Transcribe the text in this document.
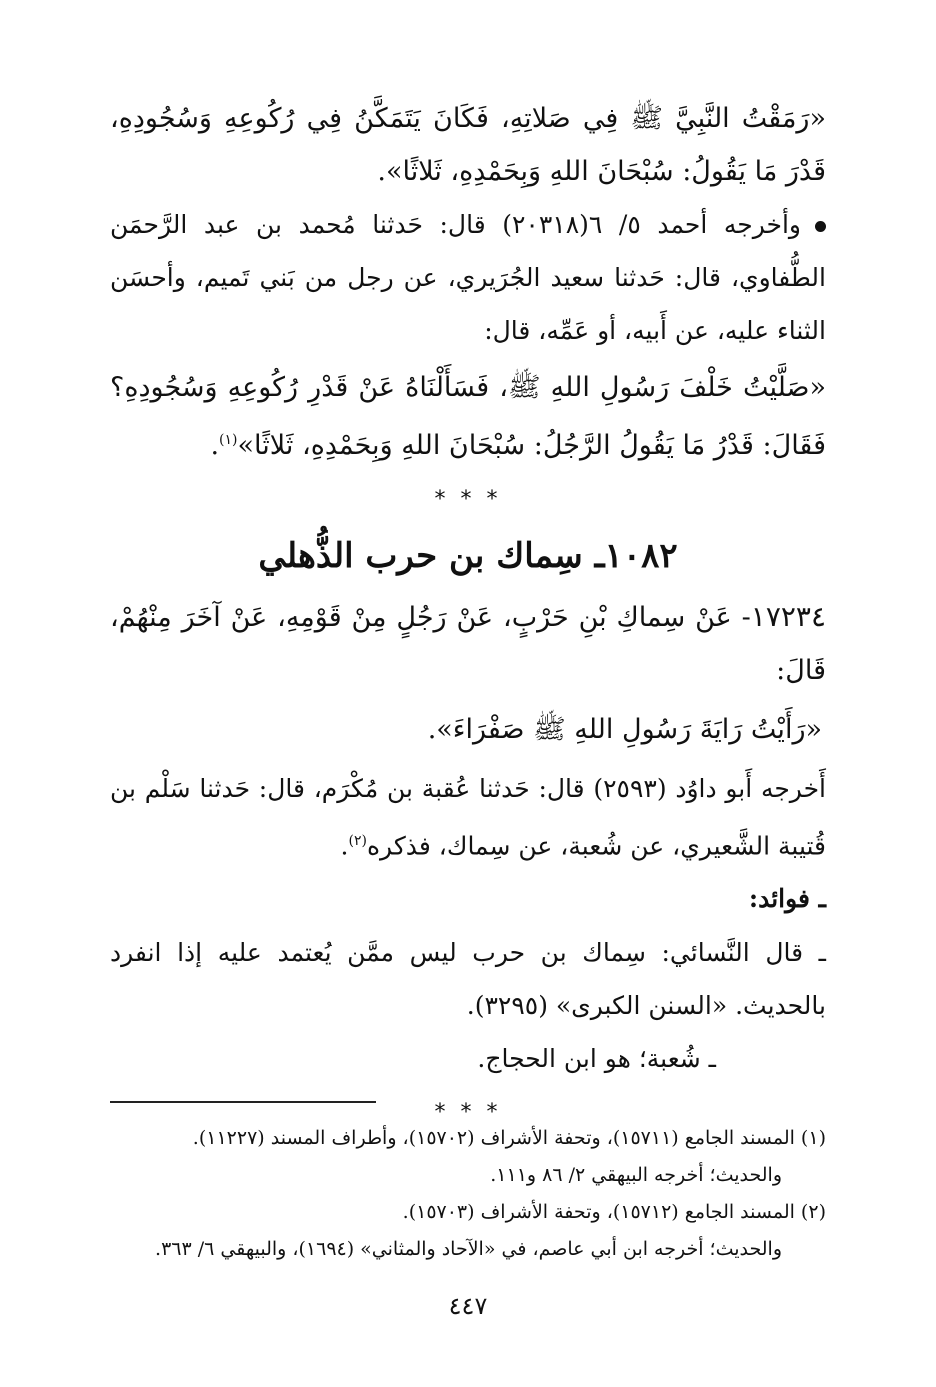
«رَمَقْتُ النَّبِيَّ ﷺ فِي صَلاتِهِ، فَكَانَ يَتَمَكَّنُ فِي رُكُوعِهِ وَسُجُودِهِ، قَدْرَ مَا يَقُولُ: سُبْحَانَ اللهِ وَبِحَمْدِهِ، ثَلاثًا».

وأخرجه أحمد ٥/ ٦(٢٠٣١٨) قال: حَدثنا مُحمد بن عبد الرَّحمَن الطُّفاوي، قال: حَدثنا سعيد الجُرَيري، عن رجل من بَني تَميم، وأحسَن الثناء عليه، عن أَبيه، أو عَمِّه، قال:

«صَلَّيْتُ خَلْفَ رَسُولِ اللهِ ﷺ، فَسَأَلْنَاهُ عَنْ قَدْرِ رُكُوعِهِ وَسُجُودِهِ؟ فَقَالَ: قَدْرُ مَا يَقُولُ الرَّجُلُ: سُبْحَانَ اللهِ وَبِحَمْدِهِ، ثَلاثًا»$^{(١)}$.

* * *
١٠٨٢ـ سِماك بن حرب الذُّهلي

١٧٢٣٤- عَنْ سِماكِ بْنِ حَرْبٍ، عَنْ رَجُلٍ مِنْ قَوْمِهِ، عَنْ آخَرَ مِنْهُمْ، قَالَ:

«رَأَيْتُ رَايَةَ رَسُولِ اللهِ ﷺ صَفْرَاءَ».

أَخرجه أَبو داوُد (٢٥٩٣) قال: حَدثنا عُقبة بن مُكْرَم، قال: حَدثنا سَلْم بن قُتيبة الشَّعيري، عن شُعبة، عن سِماك، فذكره$^{(٢)}$.

ـ فوائد:

ـ قال النَّسائي: سِماك بن حرب ليس ممَّن يُعتمد عليه إذا انفرد بالحديث. «السنن الكبرى» (٣٢٩٥).

ـ شُعبة؛ هو ابن الحجاج.

* * *
(١) المسند الجامع (١٥٧١١)، وتحفة الأشراف (١٥٧٠٢)، وأطراف المسند (١١٢٢٧).
والحديث؛ أخرجه البيهقي ٢/ ٨٦ و١١١.
(٢) المسند الجامع (١٥٧١٢)، وتحفة الأشراف (١٥٧٠٣).
والحديث؛ أخرجه ابن أبي عاصم، في «الآحاد والمثاني» (١٦٩٤)، والبيهقي ٦/ ٣٦٣.
٤٤٧
